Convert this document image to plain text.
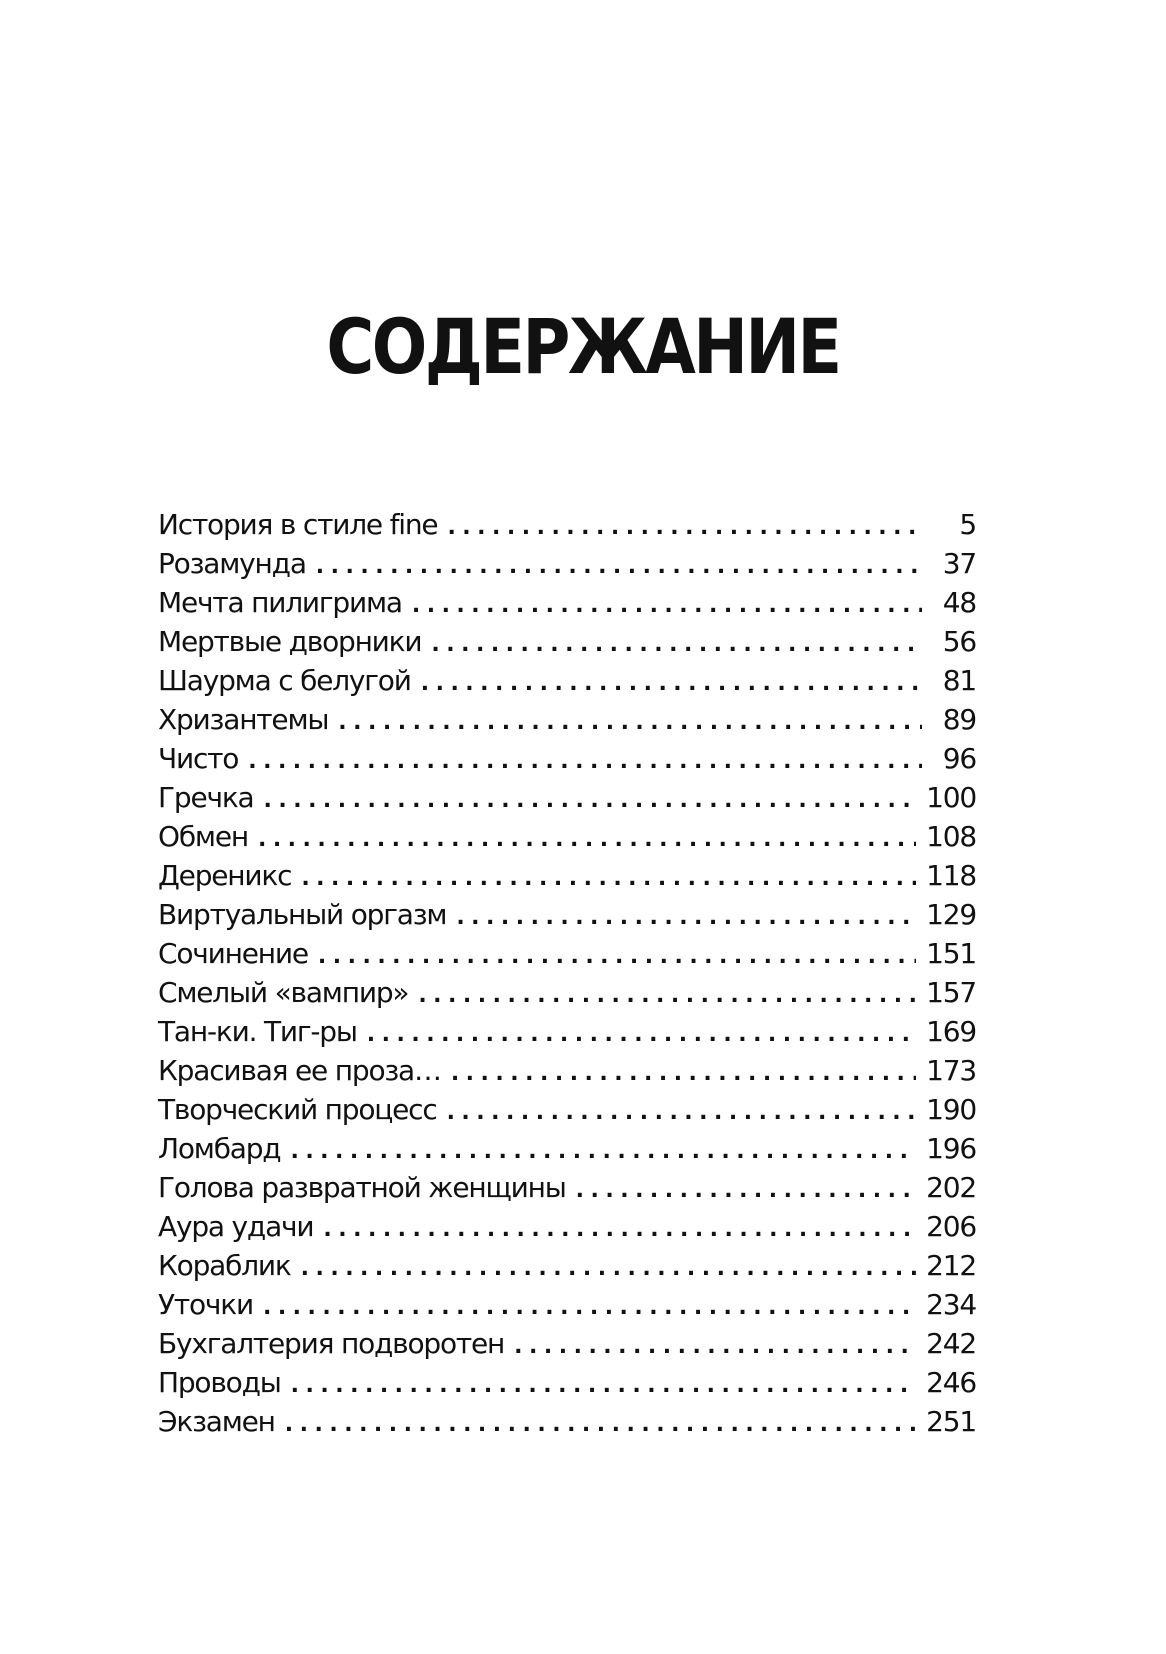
СОДЕРЖАНИЕ
История в стиле fine .....	5
Розамунда .....	37
Мечта пилигрима .....	48
Мертвые дворники .....	56
Шаурма с белугой .....	81
Хризантемы .....	89
Чисто .....	96
Гречка .....	100
Обмен .....	108
Дереникс .....	118
Виртуальный оргазм .....	129
Сочинение .....	151
Смелый «вампир» .....	157
Тан-ки. Тиг-ры .....	169
Красивая ее проза… .....	173
Творческий процесс .....	190
Ломбард .....	196
Голова развратной женщины .....	202
Аура удачи .....	206
Кораблик .....	212
Уточки .....	234
Бухгалтерия подворотен .....	242
Проводы .....	246
Экзамен .....	251
